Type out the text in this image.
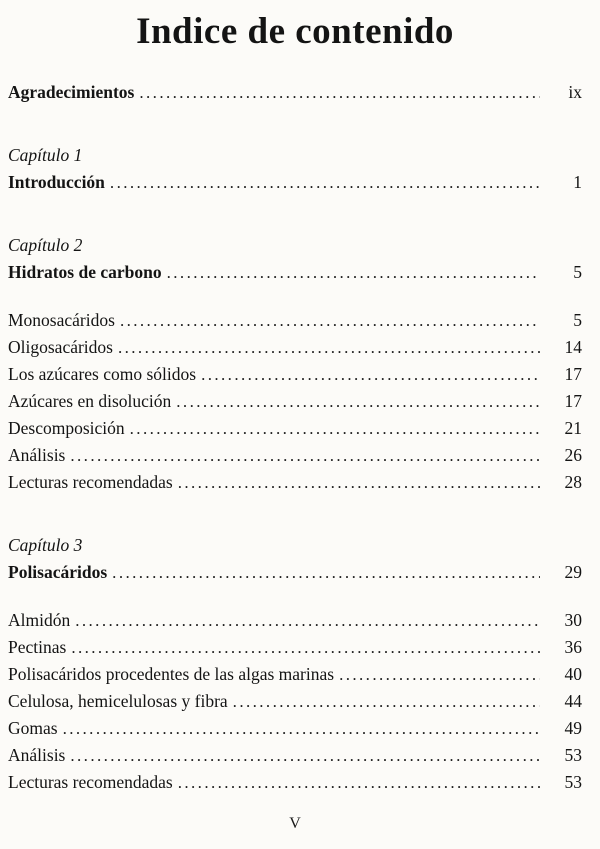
Indice de contenido
Agradecimientos .....	ix
Capítulo 1
Introducción .....	1
Capítulo 2
Hidratos de carbono .....	5
Monosacáridos .....	5
Oligosacáridos .....	14
Los azúcares como sólidos .....	17
Azúcares en disolución .....	17
Descomposición .....	21
Análisis .....	26
Lecturas recomendadas .....	28
Capítulo 3
Polisacáridos .....	29
Almidón .....	30
Pectinas .....	36
Polisacáridos procedentes de las algas marinas .....	40
Celulosa, hemicelulosas y fibra .....	44
Gomas .....	49
Análisis .....	53
Lecturas recomendadas .....	53
V
